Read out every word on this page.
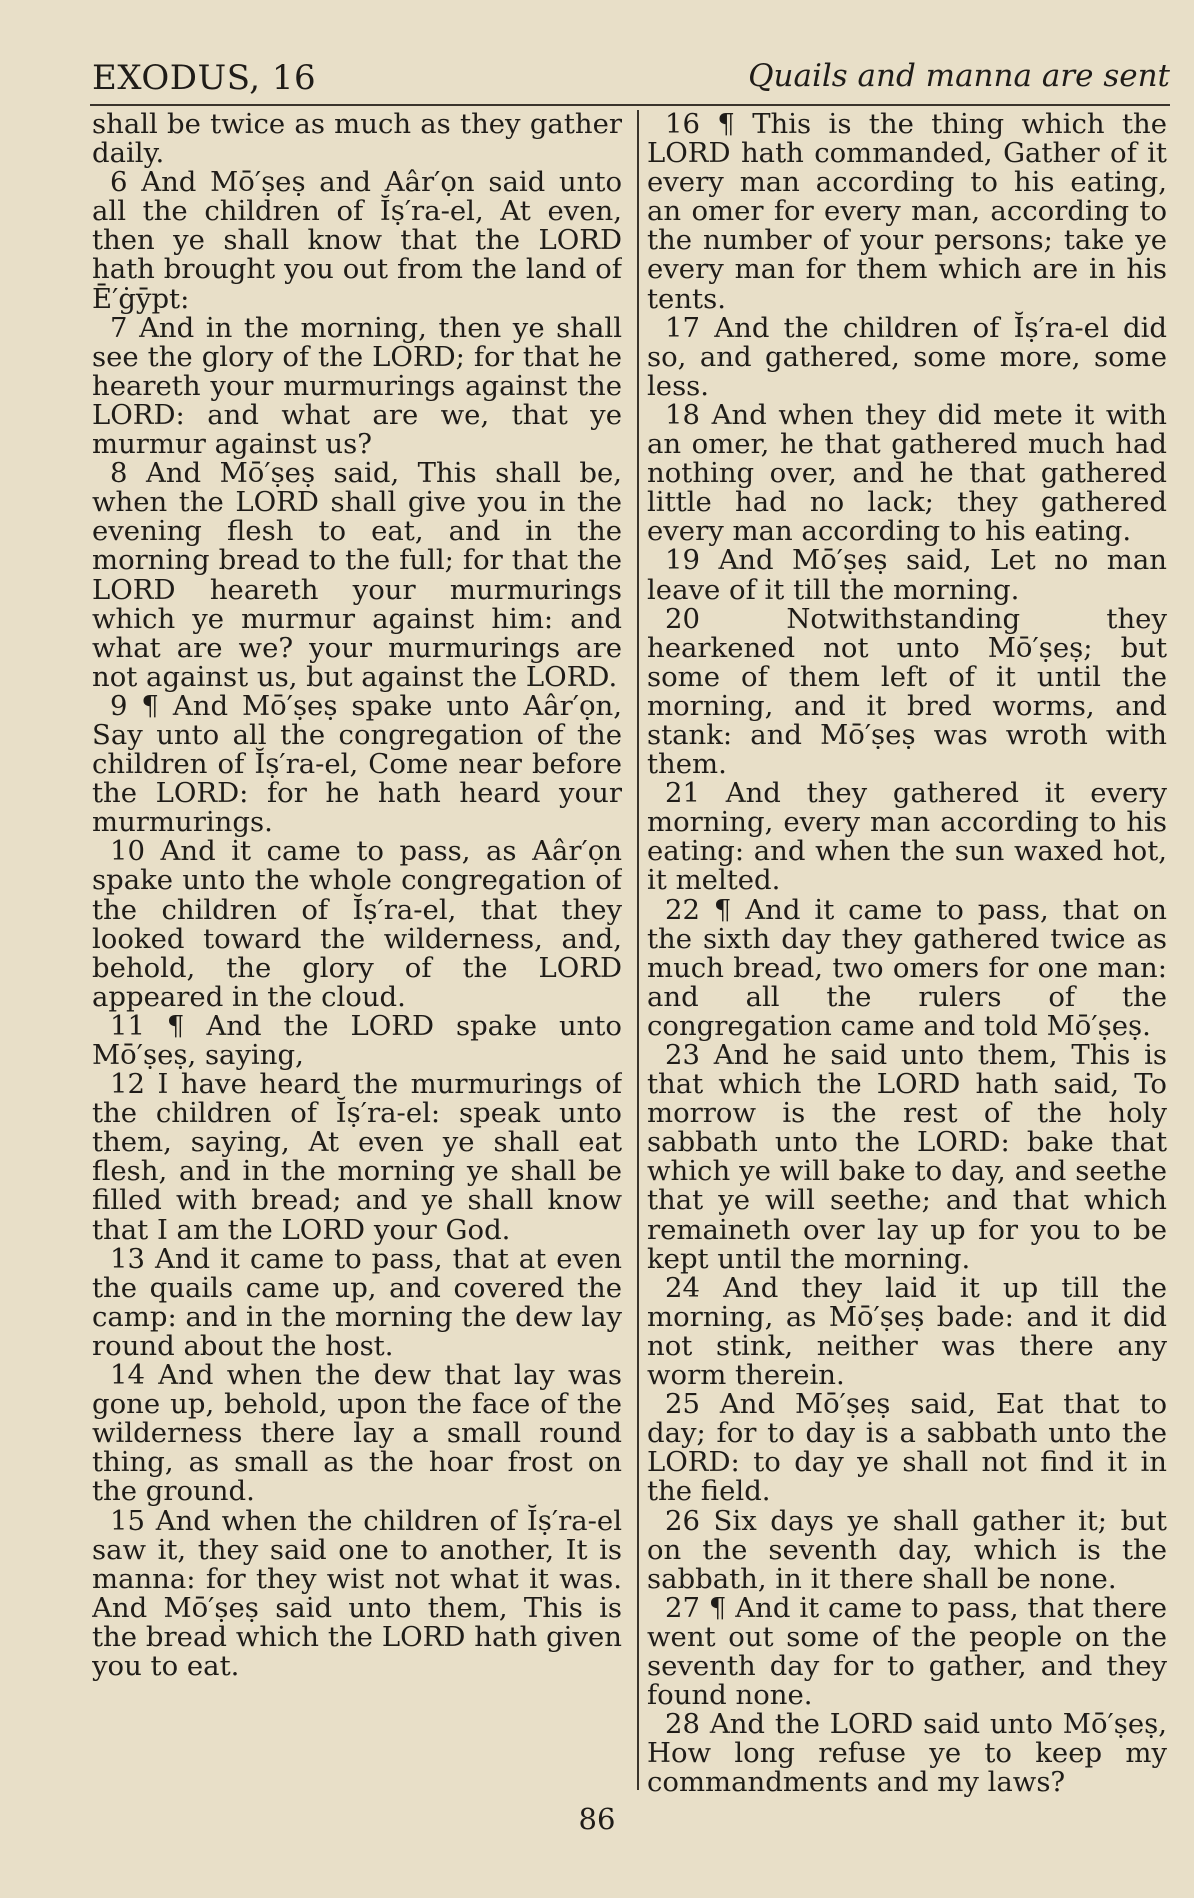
EXODUS, 16	Quails and manna are sent

shall be twice as much as they gather daily.

6 And Mō′ṣeṣ and Aâr′ọn said unto all the children of Ĭṣ′ra-el, At even, then ye shall know that the LORD hath brought you out from the land of Ē′ġȳpt:

7 And in the morning, then ye shall see the glory of the LORD; for that he heareth your murmurings against the LORD: and what are we, that ye murmur against us?

8 And Mō′ṣeṣ said, This shall be, when the LORD shall give you in the evening flesh to eat, and in the morning bread to the full; for that the LORD heareth your murmurings which ye murmur against him: and what are we? your murmurings are not against us, but against the LORD.

9 ¶ And Mō′ṣeṣ spake unto Aâr′ọn, Say unto all the congregation of the children of Ĭṣ′ra-el, Come near before the LORD: for he hath heard your murmurings.

10 And it came to pass, as Aâr′ọn spake unto the whole congregation of the children of Ĭṣ′ra-el, that they looked toward the wilderness, and, behold, the glory of the LORD appeared in the cloud.

11 ¶ And the LORD spake unto Mō′ṣeṣ, saying,

12 I have heard the murmurings of the children of Ĭṣ′ra-el: speak unto them, saying, At even ye shall eat flesh, and in the morning ye shall be filled with bread; and ye shall know that I am the LORD your God.

13 And it came to pass, that at even the quails came up, and covered the camp: and in the morning the dew lay round about the host.

14 And when the dew that lay was gone up, behold, upon the face of the wilderness there lay a small round thing, as small as the hoar frost on the ground.

15 And when the children of Ĭṣ′ra-el saw it, they said one to another, It is manna: for they wist not what it was. And Mō′ṣeṣ said unto them, This is the bread which the LORD hath given you to eat.

16 ¶ This is the thing which the LORD hath commanded, Gather of it every man according to his eating, an omer for every man, according to the number of your persons; take ye every man for them which are in his tents.

17 And the children of Ĭṣ′ra-el did so, and gathered, some more, some less.

18 And when they did mete it with an omer, he that gathered much had nothing over, and he that gathered little had no lack; they gathered every man according to his eating.

19 And Mō′ṣeṣ said, Let no man leave of it till the morning.

20 Notwithstanding they hearkened not unto Mō′ṣeṣ; but some of them left of it until the morning, and it bred worms, and stank: and Mō′ṣeṣ was wroth with them.

21 And they gathered it every morning, every man according to his eating: and when the sun waxed hot, it melted.

22 ¶ And it came to pass, that on the sixth day they gathered twice as much bread, two omers for one man: and all the rulers of the congregation came and told Mō′ṣeṣ.

23 And he said unto them, This is that which the LORD hath said, To morrow is the rest of the holy sabbath unto the LORD: bake that which ye will bake to day, and seethe that ye will seethe; and that which remaineth over lay up for you to be kept until the morning.

24 And they laid it up till the morning, as Mō′ṣeṣ bade: and it did not stink, neither was there any worm therein.

25 And Mō′ṣeṣ said, Eat that to day; for to day is a sabbath unto the LORD: to day ye shall not find it in the field.

26 Six days ye shall gather it; but on the seventh day, which is the sabbath, in it there shall be none.

27 ¶ And it came to pass, that there went out some of the people on the seventh day for to gather, and they found none.

28 And the LORD said unto Mō′ṣeṣ, How long refuse ye to keep my commandments and my laws?

86
